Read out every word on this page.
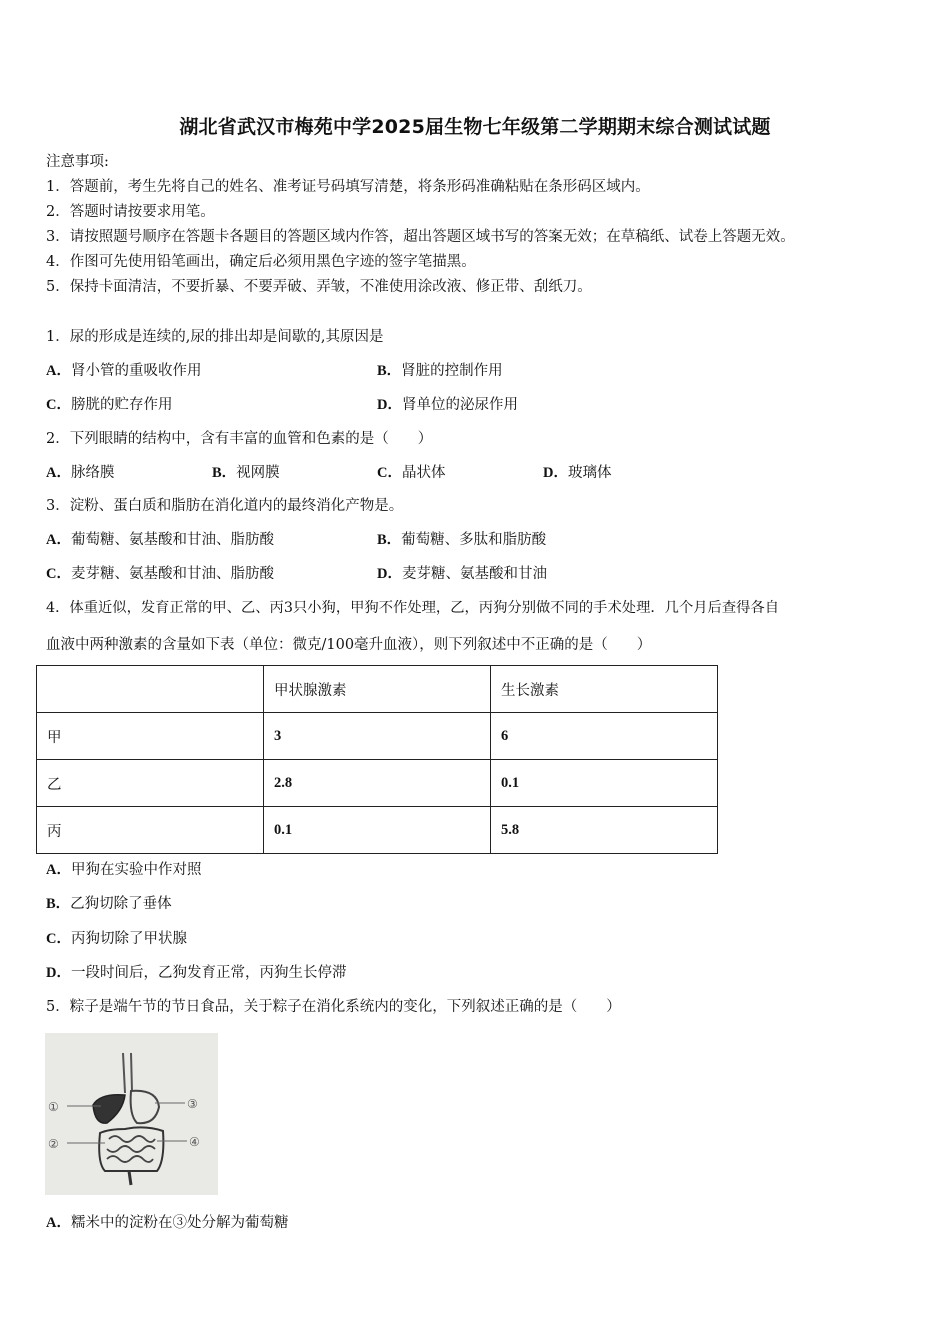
湖北省武汉市梅苑中学2025届生物七年级第二学期期末综合测试试题
注意事项:
1．答题前，考生先将自己的姓名、准考证号码填写清楚，将条形码准确粘贴在条形码区域内。
2．答题时请按要求用笔。
3．请按照题号顺序在答题卡各题目的答题区域内作答，超出答题区域书写的答案无效；在草稿纸、试卷上答题无效。
4．作图可先使用铅笔画出，确定后必须用黑色字迹的签字笔描黑。
5．保持卡面清洁，不要折暴、不要弄破、弄皱，不准使用涂改液、修正带、刮纸刀。
1．尿的形成是连续的,尿的排出却是间歇的,其原因是
A．肾小管的重吸收作用	B．肾脏的控制作用
C．膀胱的贮存作用	D．肾单位的泌尿作用
2．下列眼睛的结构中，含有丰富的血管和色素的是（　　）
A．脉络膜	B．视网膜	C．晶状体	D．玻璃体
3．淀粉、蛋白质和脂肪在消化道内的最终消化产物是。
A．葡萄糖、氨基酸和甘油、脂肪酸	B．葡萄糖、多肽和脂肪酸
C．麦芽糖、氨基酸和甘油、脂肪酸	D．麦芽糖、氨基酸和甘油
4．体重近似，发育正常的甲、乙、丙3只小狗，甲狗不作处理，乙，丙狗分别做不同的手术处理．几个月后查得各自
血液中两种激素的含量如下表（单位：微克/100毫升血液），则下列叙述中不正确的是（　　）
	甲状腺激素	生长激素
甲	3	6
乙	2.8	0.1
丙	0.1	5.8
A．甲狗在实验中作对照
B．乙狗切除了垂体
C．丙狗切除了甲状腺
D．一段时间后，乙狗发育正常，丙狗生长停滞
5．粽子是端午节的节日食品，关于粽子在消化系统内的变化，下列叙述正确的是（　　）
①
②
③
④
A．糯米中的淀粉在③处分解为葡萄糖
